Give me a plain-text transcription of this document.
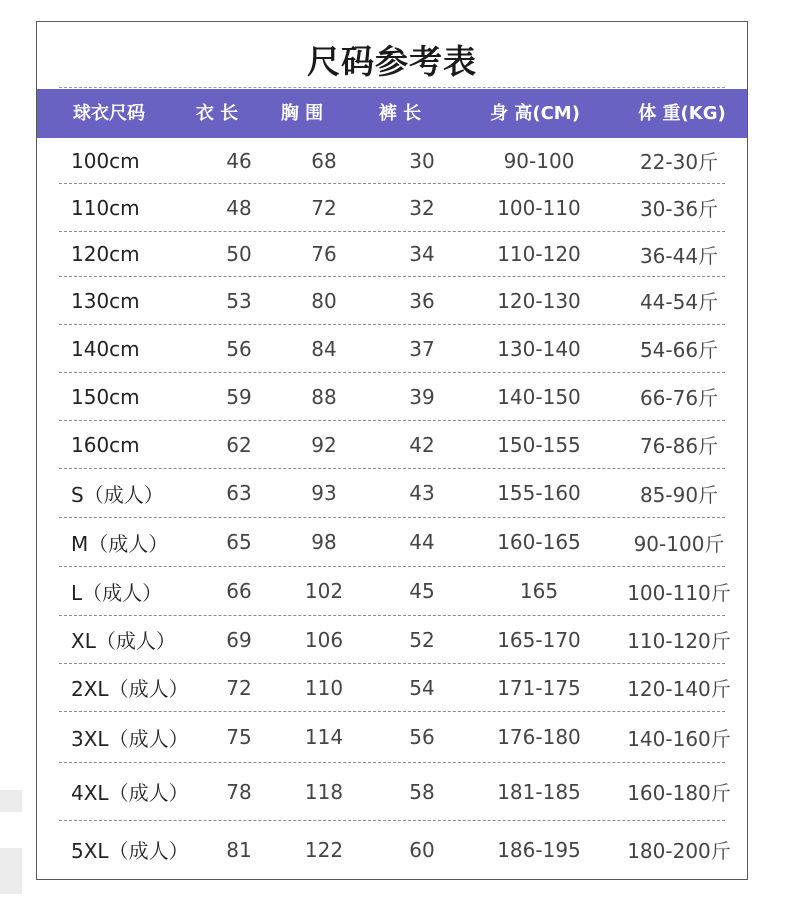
尺码参考表
球衣尺码	衣 长	胸 围	裤 长	身 高(CM)	体 重(KG)
100cm	46	68	30	90-100	22-30斤
110cm	48	72	32	100-110	30-36斤
120cm	50	76	34	110-120	36-44斤
130cm	53	80	36	120-130	44-54斤
140cm	56	84	37	130-140	54-66斤
150cm	59	88	39	140-150	66-76斤
160cm	62	92	42	150-155	76-86斤
S（成人）	63	93	43	155-160	85-90斤
M（成人）	65	98	44	160-165	90-100斤
L（成人）	66	102	45	165	100-110斤
XL（成人）	69	106	52	165-170	110-120斤
2XL（成人）	72	110	54	171-175	120-140斤
3XL（成人）	75	114	56	176-180	140-160斤
4XL（成人）	78	118	58	181-185	160-180斤
5XL（成人）	81	122	60	186-195	180-200斤
